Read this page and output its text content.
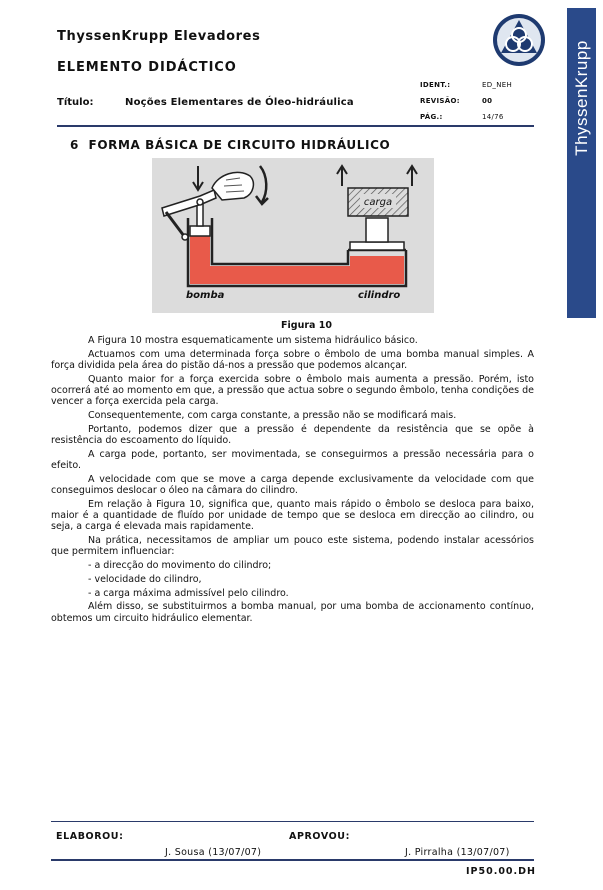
ThyssenKrupp
ThyssenKrupp Elevadores
ELEMENTO DIDÁCTICO
Título:	Noções Elementares de Óleo-hidráulica
IDENT.:	ED_NEH
REVISÃO:	00
PÁG.:	14/76
6 FORMA BÁSICA DE CIRCUITO HIDRÁULICO
carga
bomba	cilindro
Figura 10

A Figura 10 mostra esquematicamente um sistema hidráulico básico.

Actuamos com uma determinada força sobre o êmbolo de uma bomba manual simples. A força dividida pela área do pistão dá-nos a pressão que podemos alcançar.

Quanto maior for a força exercida sobre o êmbolo mais aumenta a pressão. Porém, isto ocorrerá até ao momento em que, a pressão que actua sobre o segundo êmbolo, tenha condições de vencer a força exercida pela carga.

Consequentemente, com carga constante, a pressão não se modificará mais.

Portanto, podemos dizer que a pressão é dependente da resistência que se opõe à resistência do escoamento do líquido.

A carga pode, portanto, ser movimentada, se conseguirmos a pressão necessária para o efeito.

A velocidade com que se move a carga depende exclusivamente da velocidade com que conseguimos deslocar o óleo na câmara do cilindro.

Em relação à Figura 10, significa que, quanto mais rápido o êmbolo se desloca para baixo, maior é a quantidade de fluído por unidade de tempo que se desloca em direcção ao cilindro, ou seja, a carga é elevada mais rapidamente.

Na prática, necessitamos de ampliar um pouco este sistema, podendo instalar acessórios que permitem influenciar:

- a direcção do movimento do cilindro;

- velocidade do cilindro,

- a carga máxima admissível pelo cilindro.

Além disso, se substituirmos a bomba manual, por uma bomba de accionamento contínuo, obtemos um circuito hidráulico elementar.

ELABOROU:	APROVOU:
J. Sousa (13/07/07)	J. Pirralha (13/07/07)
IP50.00.DH
